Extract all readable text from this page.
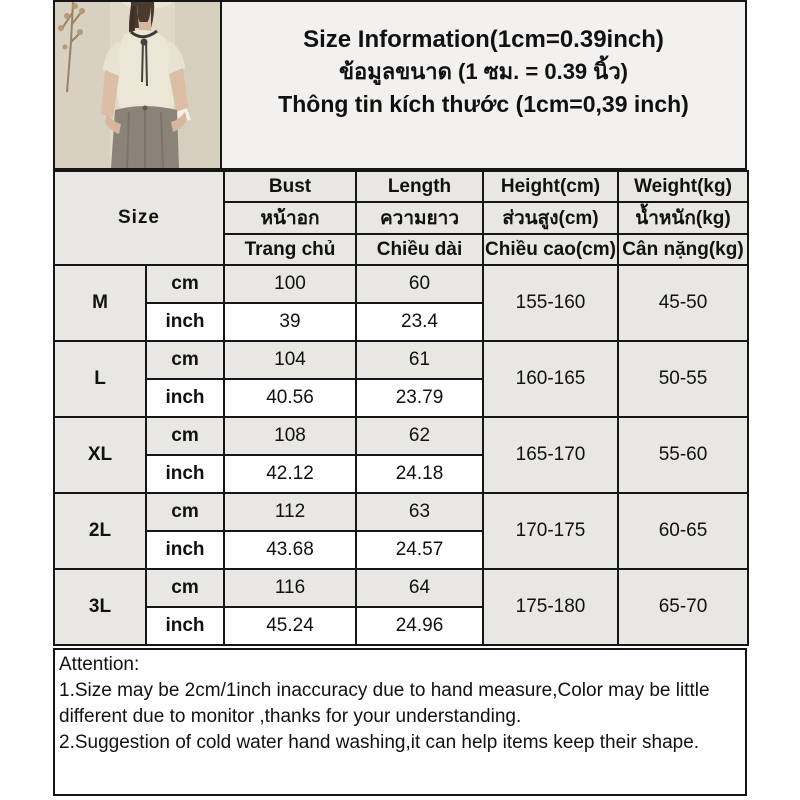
Size Information(1cm=0.39inch)
ข้อมูลขนาด (1 ซม. = 0.39 นิ้ว)
Thông tin kích thước (1cm=0,39 inch)
Size		Bust	Length	Height(cm)	Weight(kg)
		หน้าอก	ความยาว	ส่วนสูง(cm)	น้ำหนัก(kg)
		Trang chủ	Chiều dài	Chiều cao(cm)	Cân nặng(kg)
M	cm	100	60	155-160	45-50
	inch	39	23.4		
L	cm	104	61	160-165	50-55
	inch	40.56	23.79		
XL	cm	108	62	165-170	55-60
	inch	42.12	24.18		
2L	cm	112	63	170-175	60-65
	inch	43.68	24.57		
3L	cm	116	64	175-180	65-70
	inch	45.24	24.96		
Attention:
1.Size may be 2cm/1inch inaccuracy due to hand measure,Color may be little different due to monitor ,thanks for your understanding.
2.Suggestion of cold water hand washing,it can help items keep their shape.
